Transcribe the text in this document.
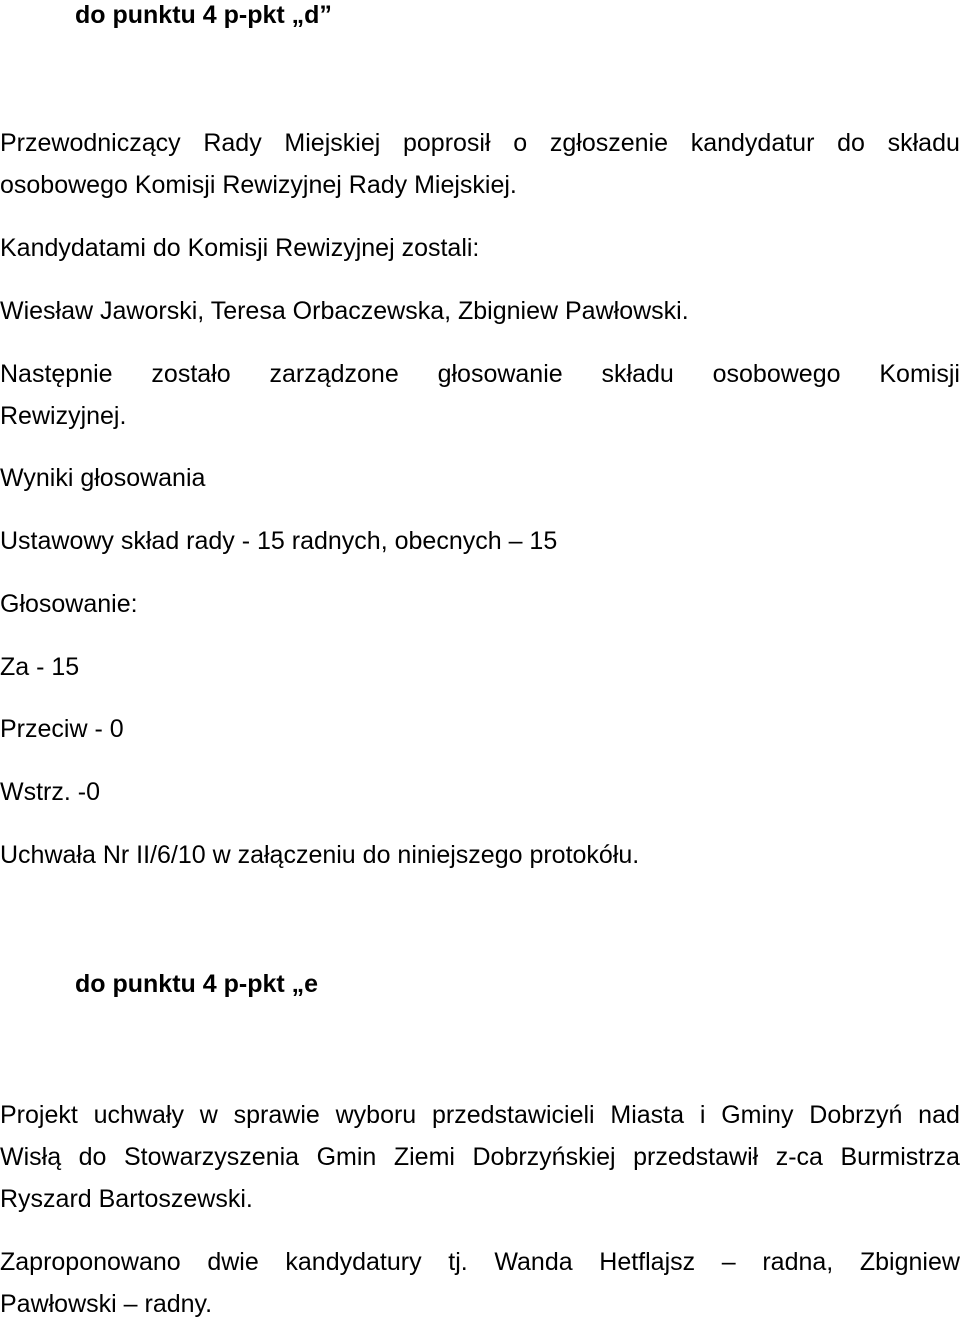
do punktu 4 p-pkt „d”
Przewodniczący Rady Miejskiej poprosił o zgłoszenie kandydatur do składu
osobowego Komisji Rewizyjnej Rady Miejskiej.
Kandydatami do Komisji Rewizyjnej zostali:
Wiesław Jaworski, Teresa Orbaczewska, Zbigniew Pawłowski.
Następnie zostało zarządzone głosowanie składu osobowego Komisji
Rewizyjnej.
Wyniki głosowania
Ustawowy skład rady - 15 radnych, obecnych – 15
Głosowanie:
Za - 15
Przeciw - 0
Wstrz. -0
Uchwała Nr II/6/10 w załączeniu do niniejszego protokółu.
do punktu 4 p-pkt „e
Projekt uchwały w sprawie wyboru przedstawicieli Miasta i Gminy Dobrzyń nad
Wisłą do Stowarzyszenia Gmin Ziemi Dobrzyńskiej przedstawił z-ca Burmistrza
Ryszard Bartoszewski.
Zaproponowano dwie kandydatury tj. Wanda Hetflajsz – radna, Zbigniew
Pawłowski – radny.
